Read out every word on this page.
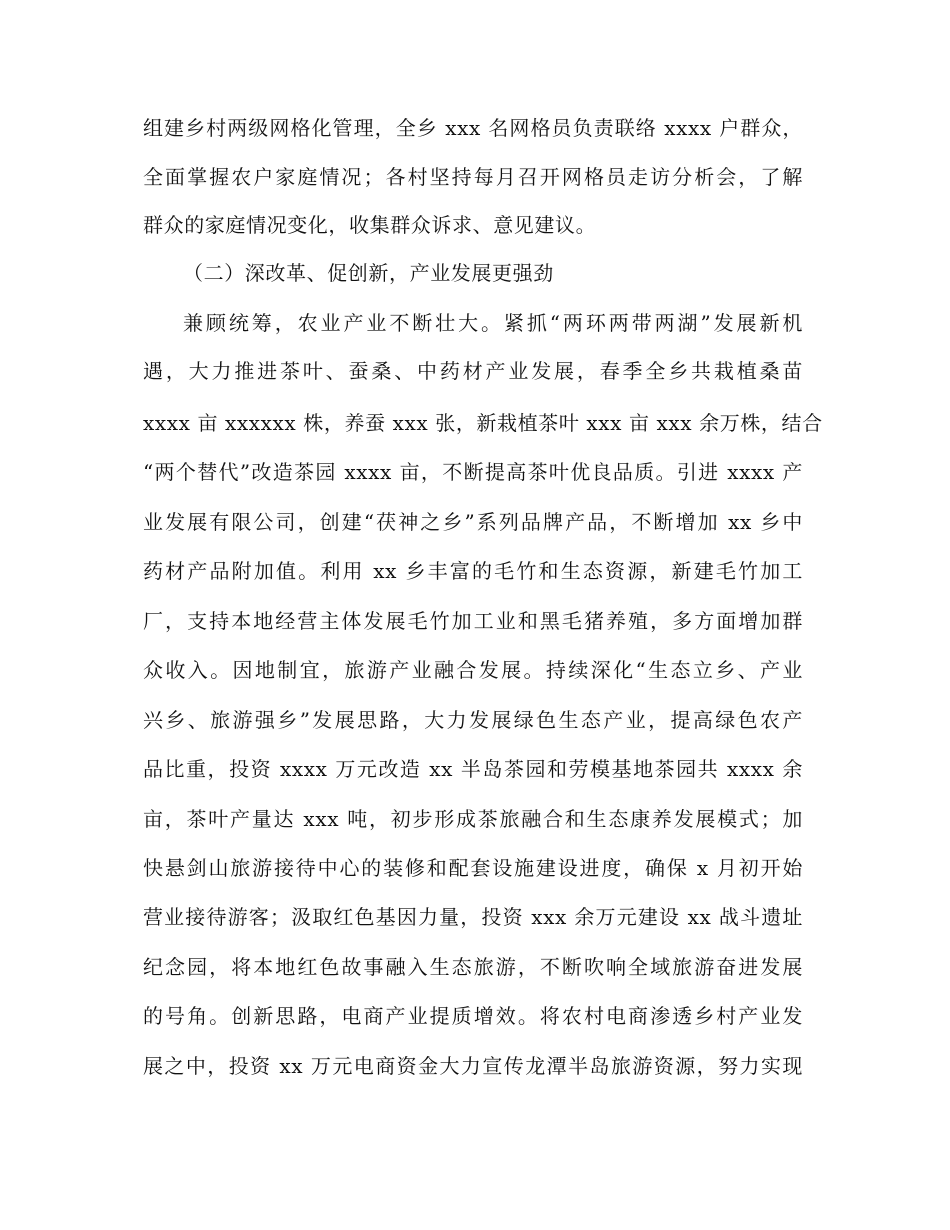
组建乡村两级网格化管理，全乡 xxx 名网格员负责联络 xxxx 户群众，
全面掌握农户家庭情况；各村坚持每月召开网格员走访分析会，了解
群众的家庭情况变化，收集群众诉求、意见建议。
（二）深改革、促创新，产业发展更强劲
兼顾统筹，农业产业不断壮大。紧抓“两环两带两湖”发展新机
遇，大力推进茶叶、蚕桑、中药材产业发展，春季全乡共栽植桑苗
xxxx 亩 xxxxxx 株，养蚕 xxx 张，新栽植茶叶 xxx 亩 xxx 余万株，结合
“两个替代”改造茶园 xxxx 亩，不断提高茶叶优良品质。引进 xxxx 产
业发展有限公司，创建“茯神之乡”系列品牌产品，不断增加 xx 乡中
药材产品附加值。利用 xx 乡丰富的毛竹和生态资源，新建毛竹加工
厂，支持本地经营主体发展毛竹加工业和黑毛猪养殖，多方面增加群
众收入。因地制宜，旅游产业融合发展。持续深化“生态立乡、产业
兴乡、旅游强乡”发展思路，大力发展绿色生态产业，提高绿色农产
品比重，投资 xxxx 万元改造 xx 半岛茶园和劳模基地茶园共 xxxx 余
亩，茶叶产量达 xxx 吨，初步形成茶旅融合和生态康养发展模式；加
快悬剑山旅游接待中心的装修和配套设施建设进度，确保 x 月初开始
营业接待游客；汲取红色基因力量，投资 xxx 余万元建设 xx 战斗遗址
纪念园，将本地红色故事融入生态旅游，不断吹响全域旅游奋进发展
的号角。创新思路，电商产业提质增效。将农村电商渗透乡村产业发
展之中，投资 xx 万元电商资金大力宣传龙潭半岛旅游资源，努力实现
